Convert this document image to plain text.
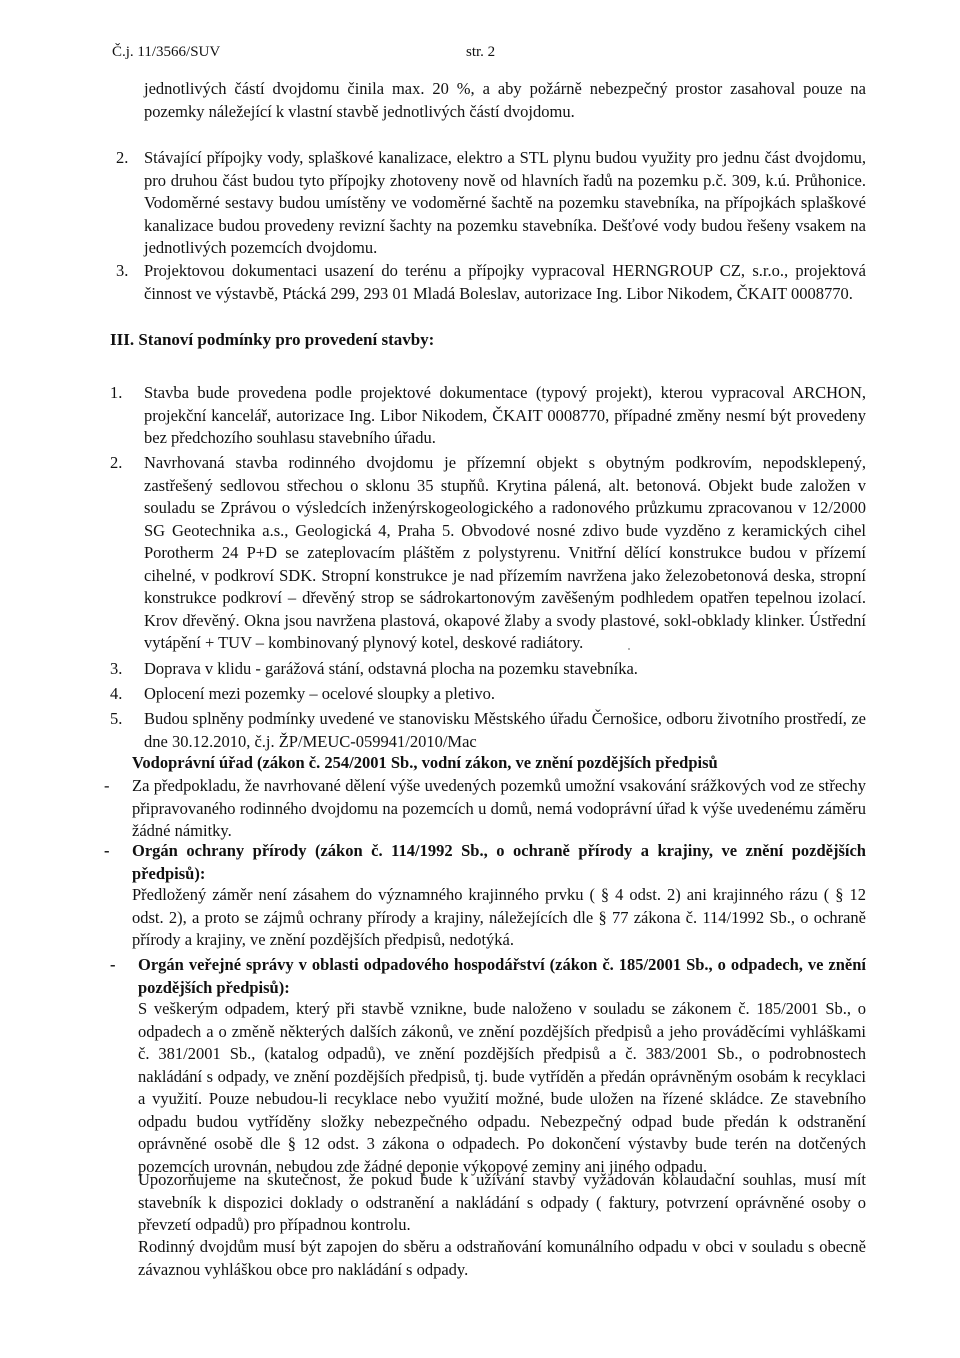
Č.j. 11/3566/SUV	str. 2
jednotlivých částí dvojdomu činila max. 20 %, a aby požárně nebezpečný prostor zasahoval pouze na pozemky náležející k vlastní stavbě jednotlivých částí dvojdomu.
2. Stávající přípojky vody, splaškové kanalizace, elektro a STL plynu budou využity pro jednu část dvojdomu, pro druhou část budou tyto přípojky zhotoveny nově od hlavních řadů na pozemku p.č. 309, k.ú. Průhonice. Vodoměrné sestavy budou umístěny ve vodoměrné šachtě na pozemku stavebníka, na přípojkách splaškové kanalizace budou provedeny revizní šachty na pozemku stavebníka. Dešťové vody budou řešeny vsakem na jednotlivých pozemcích dvojdomu.
3. Projektovou dokumentaci usazení do terénu a přípojky vypracoval HERNGROUP CZ, s.r.o., projektová činnost ve výstavbě, Ptácká 299, 293 01 Mladá Boleslav, autorizace Ing. Libor Nikodem, ČKAIT 0008770.
III. Stanoví podmínky pro provedení stavby:
1. Stavba bude provedena podle projektové dokumentace (typový projekt), kterou vypracoval ARCHON, projekční kancelář, autorizace Ing. Libor Nikodem, ČKAIT 0008770, případné změny nesmí být provedeny bez předchozího souhlasu stavebního úřadu.
2. Navrhovaná stavba rodinného dvojdomu je přízemní objekt s obytným podkrovím, nepodsklepený, zastřešený sedlovou střechou o sklonu 35 stupňů. Krytina pálená, alt. betonová. Objekt bude založen v souladu se Zprávou o výsledcích inženýrskogeologického a radonového průzkumu zpracovanou v 12/2000 SG Geotechnika a.s., Geologická 4, Praha 5. Obvodové nosné zdivo bude vyzděno z keramických cihel Porotherm 24 P+D se zateplovacím pláštěm z polystyrenu. Vnitřní dělící konstrukce budou v přízemí cihelné, v podkroví SDK. Stropní konstrukce je nad přízemím navržena jako železobetonová deska, stropní konstrukce podkroví – dřevěný strop se sádrokartonovým zavěšeným podhledem opatřen tepelnou izolací. Krov dřevěný. Okna jsou navržena plastová, okapové žlaby a svody plastové, sokl-obklady klinker. Ústřední vytápění + TUV – kombinovaný plynový kotel, deskové radiátory.
3. Doprava v klidu - garážová stání, odstavná plocha na pozemku stavebníka.
4. Oplocení mezi pozemky – ocelové sloupky a pletivo.
5. Budou splněny podmínky uvedené ve stanovisku Městského úřadu Černošice, odboru životního prostředí, ze dne 30.12.2010, č.j. ŽP/MEUC-059941/2010/Mac
Vodoprávní úřad (zákon č. 254/2001 Sb., vodní zákon, ve znění pozdějších předpisů
- Za předpokladu, že navrhované dělení výše uvedených pozemků umožní vsakování srážkových vod ze střechy připravovaného rodinného dvojdomu na pozemcích u domů, nemá vodoprávní úřad k výše uvedenému záměru žádné námitky.
- Orgán ochrany přírody (zákon č. 114/1992 Sb., o ochraně přírody a krajiny, ve znění pozdějších předpisů):
Předložený záměr není zásahem do významného krajinného prvku ( § 4 odst. 2) ani krajinného rázu ( § 12 odst. 2), a proto se zájmů ochrany přírody a krajiny, náležejících dle § 77 zákona č. 114/1992 Sb., o ochraně přírody a krajiny, ve znění pozdějších předpisů, nedotýká.
- Orgán veřejné správy v oblasti odpadového hospodářství (zákon č. 185/2001 Sb., o odpadech, ve znění pozdějších předpisů):
S veškerým odpadem, který při stavbě vznikne, bude naloženo v souladu se zákonem č. 185/2001 Sb., o odpadech a o změně některých dalších zákonů, ve znění pozdějších předpisů a jeho prováděcími vyhláškami č. 381/2001 Sb., (katalog odpadů), ve znění pozdějších předpisů a č. 383/2001 Sb., o podrobnostech nakládání s odpady, ve znění pozdějších předpisů, tj. bude vytříděn a předán oprávněným osobám k recyklaci a využití. Pouze nebudou-li recyklace nebo využití možné, bude uložen na řízené skládce. Ze stavebního odpadu budou vytříděny složky nebezpečného odpadu. Nebezpečný odpad bude předán k odstranění oprávněné osobě dle § 12 odst. 3 zákona o odpadech. Po dokončení výstavby bude terén na dotčených pozemcích urovnán, nebudou zde žádné deponie výkopové zeminy ani jiného odpadu.
Upozorňujeme na skutečnost, že pokud bude k užívání stavby vyžadován kolaudační souhlas, musí mít stavebník k dispozici doklady o odstranění a nakládání s odpady ( faktury, potvrzení oprávněné osoby o převzetí odpadů) pro případnou kontrolu.
Rodinný dvojdům musí být zapojen do sběru a odstraňování komunálního odpadu v obci v souladu s obecně závaznou vyhláškou obce pro nakládání s odpady.
